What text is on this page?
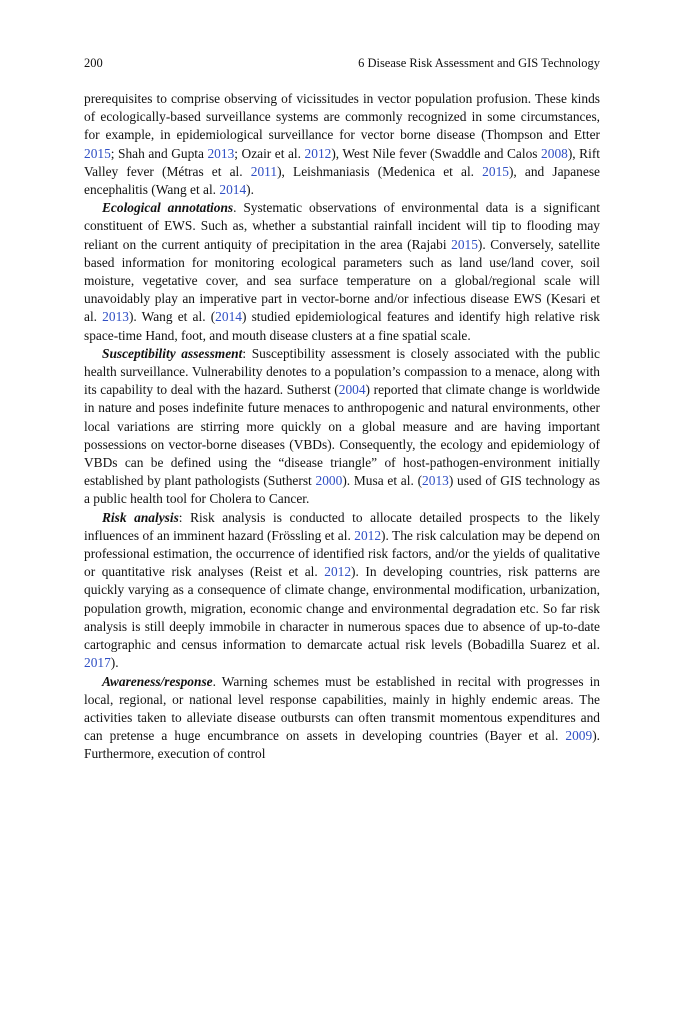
200	6 Disease Risk Assessment and GIS Technology

prerequisites to comprise observing of vicissitudes in vector population profusion. These kinds of ecologically-based surveillance systems are commonly recognized in some circumstances, for example, in epidemiological surveillance for vector borne disease (Thompson and Etter 2015; Shah and Gupta 2013; Ozair et al. 2012), West Nile fever (Swaddle and Calos 2008), Rift Valley fever (Métras et al. 2011), Leishmaniasis (Medenica et al. 2015), and Japanese encephalitis (Wang et al. 2014).

Ecological annotations. Systematic observations of environmental data is a significant constituent of EWS. Such as, whether a substantial rainfall incident will tip to flooding may reliant on the current antiquity of precipitation in the area (Rajabi 2015). Conversely, satellite based information for monitoring ecological parameters such as land use/land cover, soil moisture, vegetative cover, and sea surface temperature on a global/regional scale will unavoidably play an imperative part in vector-borne and/or infectious disease EWS (Kesari et al. 2013). Wang et al. (2014) studied epidemiological features and identify high relative risk space-time Hand, foot, and mouth disease clusters at a fine spatial scale.

Susceptibility assessment: Susceptibility assessment is closely associated with the public health surveillance. Vulnerability denotes to a population’s compassion to a menace, along with its capability to deal with the hazard. Sutherst (2004) reported that climate change is worldwide in nature and poses indefinite future menaces to anthropogenic and natural environments, other local variations are stirring more quickly on a global measure and are having important possessions on vector-borne diseases (VBDs). Consequently, the ecology and epidemiology of VBDs can be defined using the “disease triangle” of host-pathogen-environment initially established by plant pathologists (Sutherst 2000). Musa et al. (2013) used of GIS technology as a public health tool for Cholera to Cancer.

Risk analysis: Risk analysis is conducted to allocate detailed prospects to the likely influences of an imminent hazard (Frössling et al. 2012). The risk calculation may be depend on professional estimation, the occurrence of identified risk factors, and/or the yields of qualitative or quantitative risk analyses (Reist et al. 2012). In developing countries, risk patterns are quickly varying as a consequence of climate change, environmental modification, urbanization, population growth, migration, economic change and environmental degradation etc. So far risk analysis is still deeply immobile in character in numerous spaces due to absence of up-to-date cartographic and census information to demarcate actual risk levels (Bobadilla Suarez et al. 2017).

Awareness/response. Warning schemes must be established in recital with progresses in local, regional, or national level response capabilities, mainly in highly endemic areas. The activities taken to alleviate disease outbursts can often transmit momentous expenditures and can pretense a huge encumbrance on assets in developing countries (Bayer et al. 2009). Furthermore, execution of control
